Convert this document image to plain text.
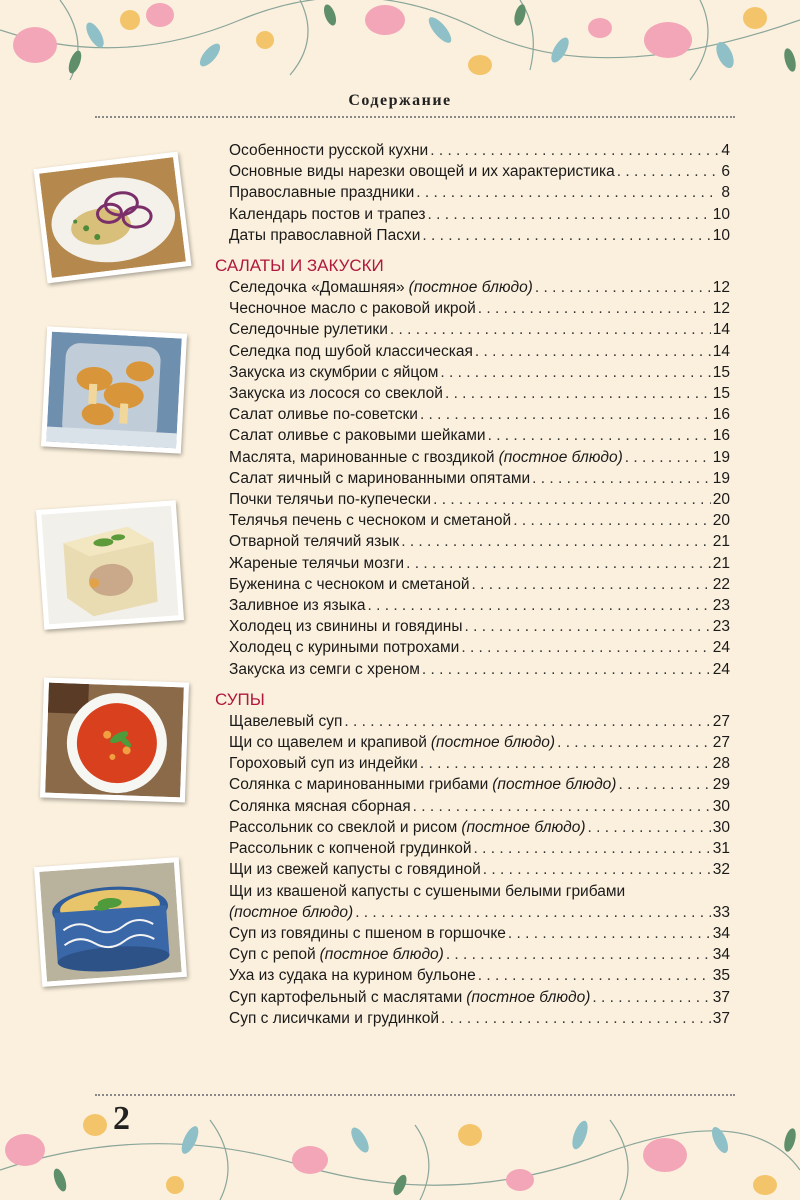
Содержание
Особенности русской кухни . . .	4
Основные виды нарезки овощей и их характеристика . . .	6
Православные праздники . . .	8
Календарь постов и трапез . . .	10
Даты православной Пасхи . . .	10
САЛАТЫ И ЗАКУСКИ
Селедочка «Домашняя» (постное блюдо) . . .	12
Чесночное масло с раковой икрой . . .	12
Селедочные рулетики . . .	14
Селедка под шубой классическая . . .	14
Закуска из скумбрии с яйцом . . .	15
Закуска из лосося со свеклой . . .	15
Салат оливье по-советски . . .	16
Салат оливье с раковыми шейками . . .	16
Маслята, маринованные с гвоздикой (постное блюдо) . . .	19
Салат яичный с маринованными опятами . . .	19
Почки телячьи по-купечески . . .	20
Телячья печень с чесноком и сметаной . . .	20
Отварной телячий язык . . .	21
Жареные телячьи мозги . . .	21
Буженина с чесноком и сметаной . . .	22
Заливное из языка . . .	23
Холодец из свинины и говядины . . .	23
Холодец с куриными потрохами . . .	24
Закуска из семги с хреном . . .	24
СУПЫ
Щавелевый суп . . .	27
Щи со щавелем и крапивой (постное блюдо) . . .	27
Гороховый суп из индейки . . .	28
Солянка с маринованными грибами (постное блюдо) . . .	29
Солянка мясная сборная . . .	30
Рассольник со свеклой и рисом (постное блюдо) . . .	30
Рассольник с копченой грудинкой . . .	31
Щи из свежей капусты с говядиной . . .	32
Щи из квашеной капусты с сушеными белыми грибами
(постное блюдо) . . .	33
Суп из говядины с пшеном в горшочке . . .	34
Суп с репой (постное блюдо) . . .	34
Уха из судака на курином бульоне . . .	35
Суп картофельный с маслятами (постное блюдо) . . .	37
Суп с лисичками и грудинкой . . .	37
2
